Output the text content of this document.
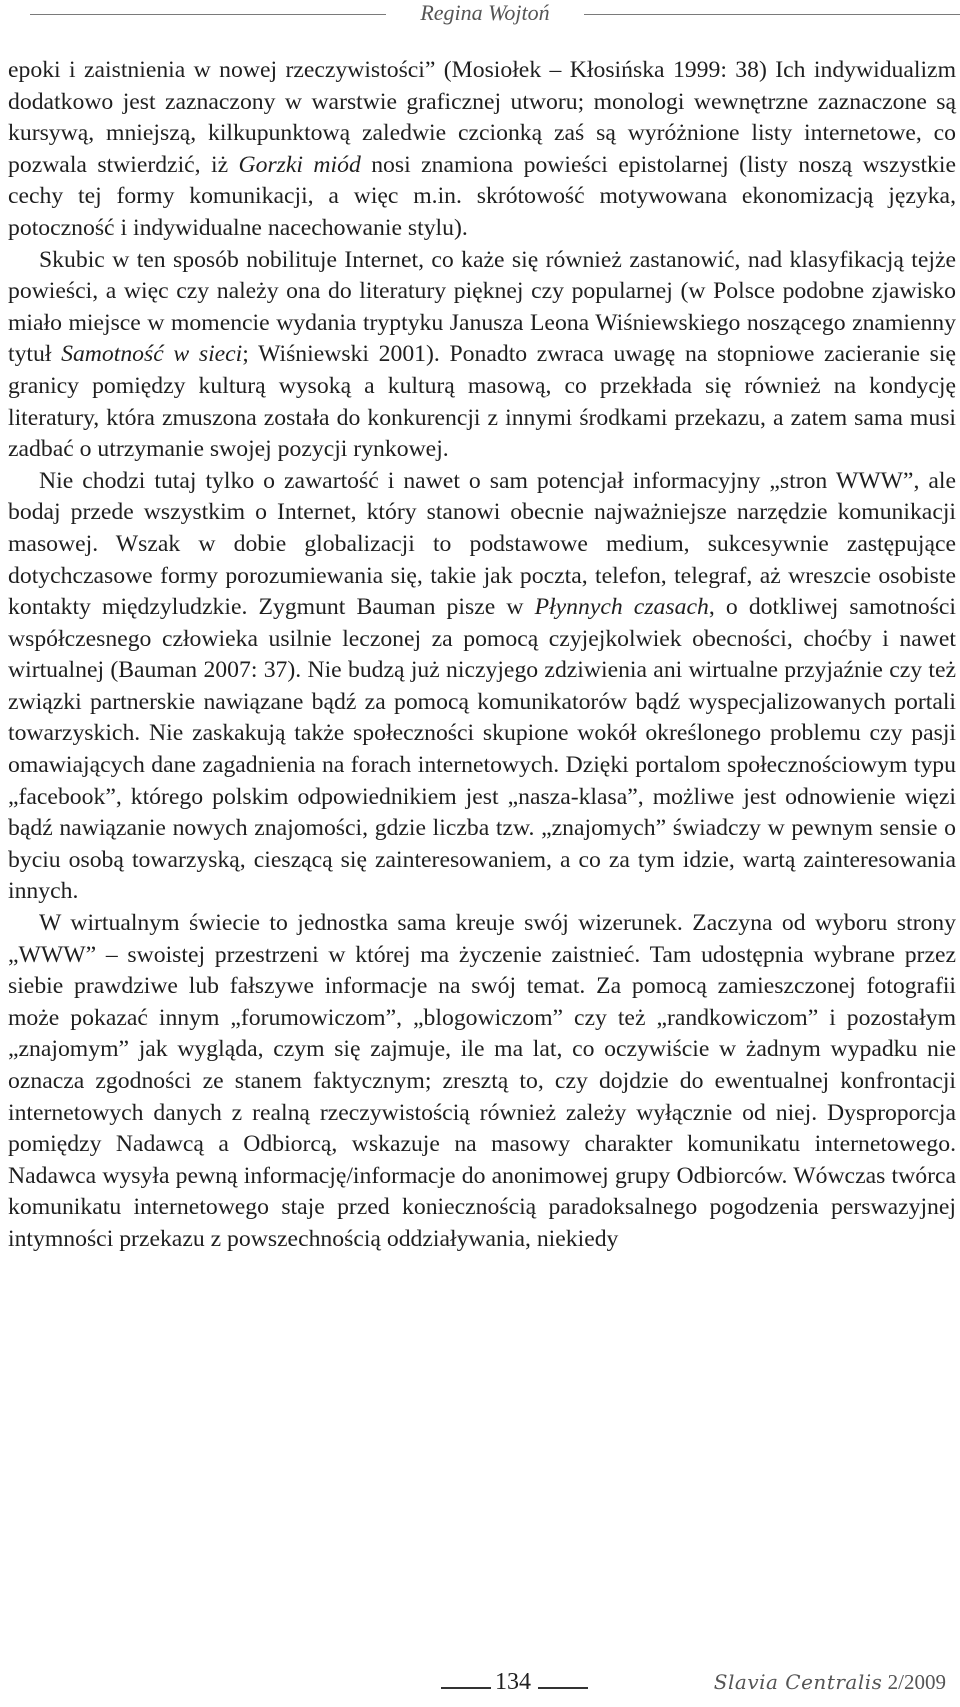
Regina Wojtoń

epoki i zaistnienia w nowej rzeczywistości” (Mosiołek – Kłosińska 1999: 38) Ich indywidualizm dodatkowo jest zaznaczony w warstwie graficznej utworu; monologi wewnętrzne zaznaczone są kursywą, mniejszą, kilkupunktową zaledwie czcionką zaś są wyróżnione listy internetowe, co pozwala stwierdzić, iż Gorzki miód nosi znamiona powieści epistolarnej (listy noszą wszystkie cechy tej formy komunikacji, a więc m.in. skrótowość motywowana ekonomizacją języka, potoczność i indywidualne nacechowanie stylu).

Skubic w ten sposób nobilituje Internet, co każe się również zastanowić, nad klasyfikacją tejże powieści, a więc czy należy ona do literatury pięknej czy popularnej (w Polsce podobne zjawisko miało miejsce w momencie wydania tryptyku Janusza Leona Wiśniewskiego noszącego znamienny tytuł Samotność w sieci; Wiśniewski 2001). Ponadto zwraca uwagę na stopniowe zacieranie się granicy pomiędzy kulturą wysoką a kulturą masową, co przekłada się również na kondycję literatury, która zmuszona została do konkurencji z innymi środkami przekazu, a zatem sama musi zadbać o utrzymanie swojej pozycji rynkowej.

Nie chodzi tutaj tylko o zawartość i nawet o sam potencjał informacyjny „stron WWW”, ale bodaj przede wszystkim o Internet, który stanowi obecnie najważniejsze narzędzie komunikacji masowej. Wszak w dobie globalizacji to podstawowe medium, sukcesywnie zastępujące dotychczasowe formy porozumiewania się, takie jak poczta, telefon, telegraf, aż wreszcie osobiste kontakty międzyludzkie. Zygmunt Bauman pisze w Płynnych czasach, o dotkliwej samotności współczesnego człowieka usilnie leczonej za pomocą czyjejkolwiek obecności, choćby i nawet wirtualnej (Bauman 2007: 37). Nie budzą już niczyjego zdziwienia ani wirtualne przyjaźnie czy też związki partnerskie nawiązane bądź za pomocą komunikatorów bądź wyspecjalizowanych portali towarzyskich. Nie zaskakują także społeczności skupione wokół określonego problemu czy pasji omawiających dane zagadnienia na forach internetowych. Dzięki portalom społecznościowym typu „facebook”, którego polskim odpowiednikiem jest „nasza-klasa”, możliwe jest odnowienie więzi bądź nawiązanie nowych znajomości, gdzie liczba tzw. „znajomych” świadczy w pewnym sensie o byciu osobą towarzyską, cieszącą się zainteresowaniem, a co za tym idzie, wartą zainteresowania innych.

W wirtualnym świecie to jednostka sama kreuje swój wizerunek. Zaczyna od wyboru strony „WWW” – swoistej przestrzeni w której ma życzenie zaistnieć. Tam udostępnia wybrane przez siebie prawdziwe lub fałszywe informacje na swój temat. Za pomocą zamieszczonej fotografii może pokazać innym „forumowiczom”, „blogowiczom” czy też „randkowiczom” i pozostałym „znajomym” jak wygląda, czym się zajmuje, ile ma lat, co oczywiście w żadnym wypadku nie oznacza zgodności ze stanem faktycznym; zresztą to, czy dojdzie do ewentualnej konfrontacji internetowych danych z realną rzeczywistością również zależy wyłącznie od niej. Dysproporcja pomiędzy Nadawcą a Odbiorcą, wskazuje na masowy charakter komunikatu internetowego. Nadawca wysyła pewną informację/informacje do anonimowej grupy Odbiorców. Wówczas twórca komunikatu internetowego staje przed koniecznością paradoksalnego pogodzenia perswazyjnej intymności przekazu z powszechnością oddziaływania, niekiedy

134	Slavia Centralis 2/2009
